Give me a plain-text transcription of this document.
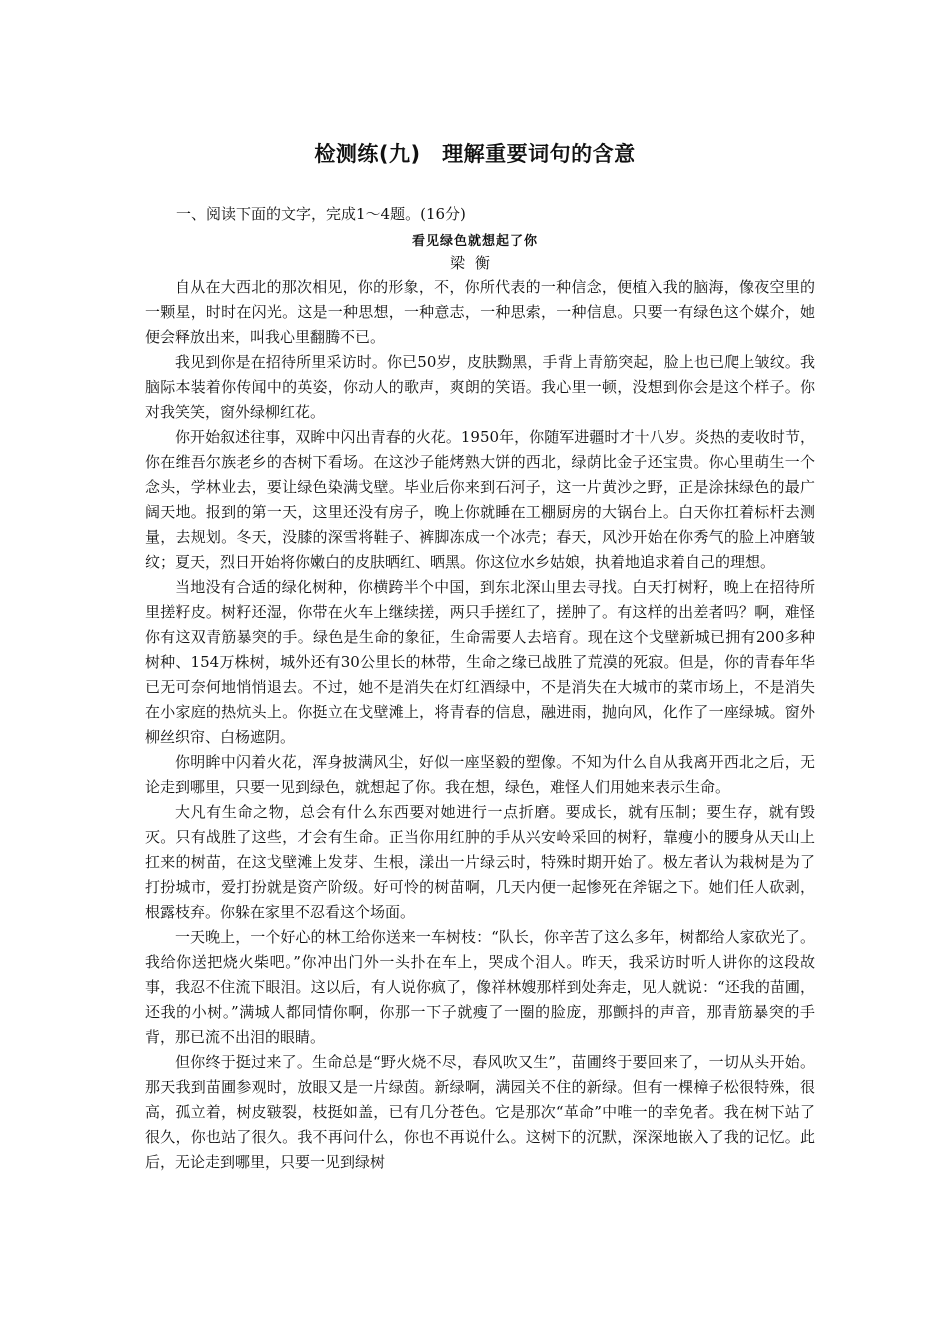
检测练(九)　理解重要词句的含意
一、阅读下面的文字，完成1～4题。(16分)
看见绿色就想起了你
梁衡

自从在大西北的那次相见，你的形象，不，你所代表的一种信念，便植入我的脑海，像夜空里的一颗星，时时在闪光。这是一种思想，一种意志，一种思索，一种信息。只要一有绿色这个媒介，她便会释放出来，叫我心里翻腾不已。

我见到你是在招待所里采访时。你已50岁，皮肤黝黑，手背上青筋突起，脸上也已爬上皱纹。我脑际本装着你传闻中的英姿，你动人的歌声，爽朗的笑语。我心里一顿，没想到你会是这个样子。你对我笑笑，窗外绿柳红花。

你开始叙述往事，双眸中闪出青春的火花。1950年，你随军进疆时才十八岁。炎热的麦收时节，你在维吾尔族老乡的杏树下看场。在这沙子能烤熟大饼的西北，绿荫比金子还宝贵。你心里萌生一个念头，学林业去，要让绿色染满戈壁。毕业后你来到石河子，这一片黄沙之野，正是涂抹绿色的最广阔天地。报到的第一天，这里还没有房子，晚上你就睡在工棚厨房的大锅台上。白天你扛着标杆去测量，去规划。冬天，没膝的深雪将鞋子、裤脚冻成一个冰壳；春天，风沙开始在你秀气的脸上冲磨皱纹；夏天，烈日开始将你嫩白的皮肤晒红、晒黑。你这位水乡姑娘，执着地追求着自己的理想。

当地没有合适的绿化树种，你横跨半个中国，到东北深山里去寻找。白天打树籽，晚上在招待所里搓籽皮。树籽还湿，你带在火车上继续搓，两只手搓红了，搓肿了。有这样的出差者吗？啊，难怪你有这双青筋暴突的手。绿色是生命的象征，生命需要人去培育。现在这个戈壁新城已拥有200多种树种、154万株树，城外还有30公里长的林带，生命之缘已战胜了荒漠的死寂。但是，你的青春年华已无可奈何地悄悄退去。不过，她不是消失在灯红酒绿中，不是消失在大城市的菜市场上，不是消失在小家庭的热炕头上。你挺立在戈壁滩上，将青春的信息，融进雨，抛向风，化作了一座绿城。窗外柳丝织帘、白杨遮阴。

你明眸中闪着火花，浑身披满风尘，好似一座坚毅的塑像。不知为什么自从我离开西北之后，无论走到哪里，只要一见到绿色，就想起了你。我在想，绿色，难怪人们用她来表示生命。

大凡有生命之物，总会有什么东西要对她进行一点折磨。要成长，就有压制；要生存，就有毁灭。只有战胜了这些，才会有生命。正当你用红肿的手从兴安岭采回的树籽，靠瘦小的腰身从天山上扛来的树苗，在这戈壁滩上发芽、生根，漾出一片绿云时，特殊时期开始了。极左者认为栽树是为了打扮城市，爱打扮就是资产阶级。好可怜的树苗啊，几天内便一起惨死在斧锯之下。她们任人砍剥，根露枝弃。你躲在家里不忍看这个场面。

一天晚上，一个好心的林工给你送来一车树枝：“队长，你辛苦了这么多年，树都给人家砍光了。我给你送把烧火柴吧。”你冲出门外一头扑在车上，哭成个泪人。昨天，我采访时听人讲你的这段故事，我忍不住流下眼泪。这以后，有人说你疯了，像祥林嫂那样到处奔走，见人就说：“还我的苗圃，还我的小树。”满城人都同情你啊，你那一下子就瘦了一圈的脸庞，那颤抖的声音，那青筋暴突的手背，那已流不出泪的眼睛。

但你终于挺过来了。生命总是“野火烧不尽，春风吹又生”，苗圃终于要回来了，一切从头开始。那天我到苗圃参观时，放眼又是一片绿茵。新绿啊，满园关不住的新绿。但有一棵樟子松很特殊，很高，孤立着，树皮皲裂，枝挺如盖，已有几分苍色。它是那次“革命”中唯一的幸免者。我在树下站了很久，你也站了很久。我不再问什么，你也不再说什么。这树下的沉默，深深地嵌入了我的记忆。此后，无论走到哪里，只要一见到绿树
